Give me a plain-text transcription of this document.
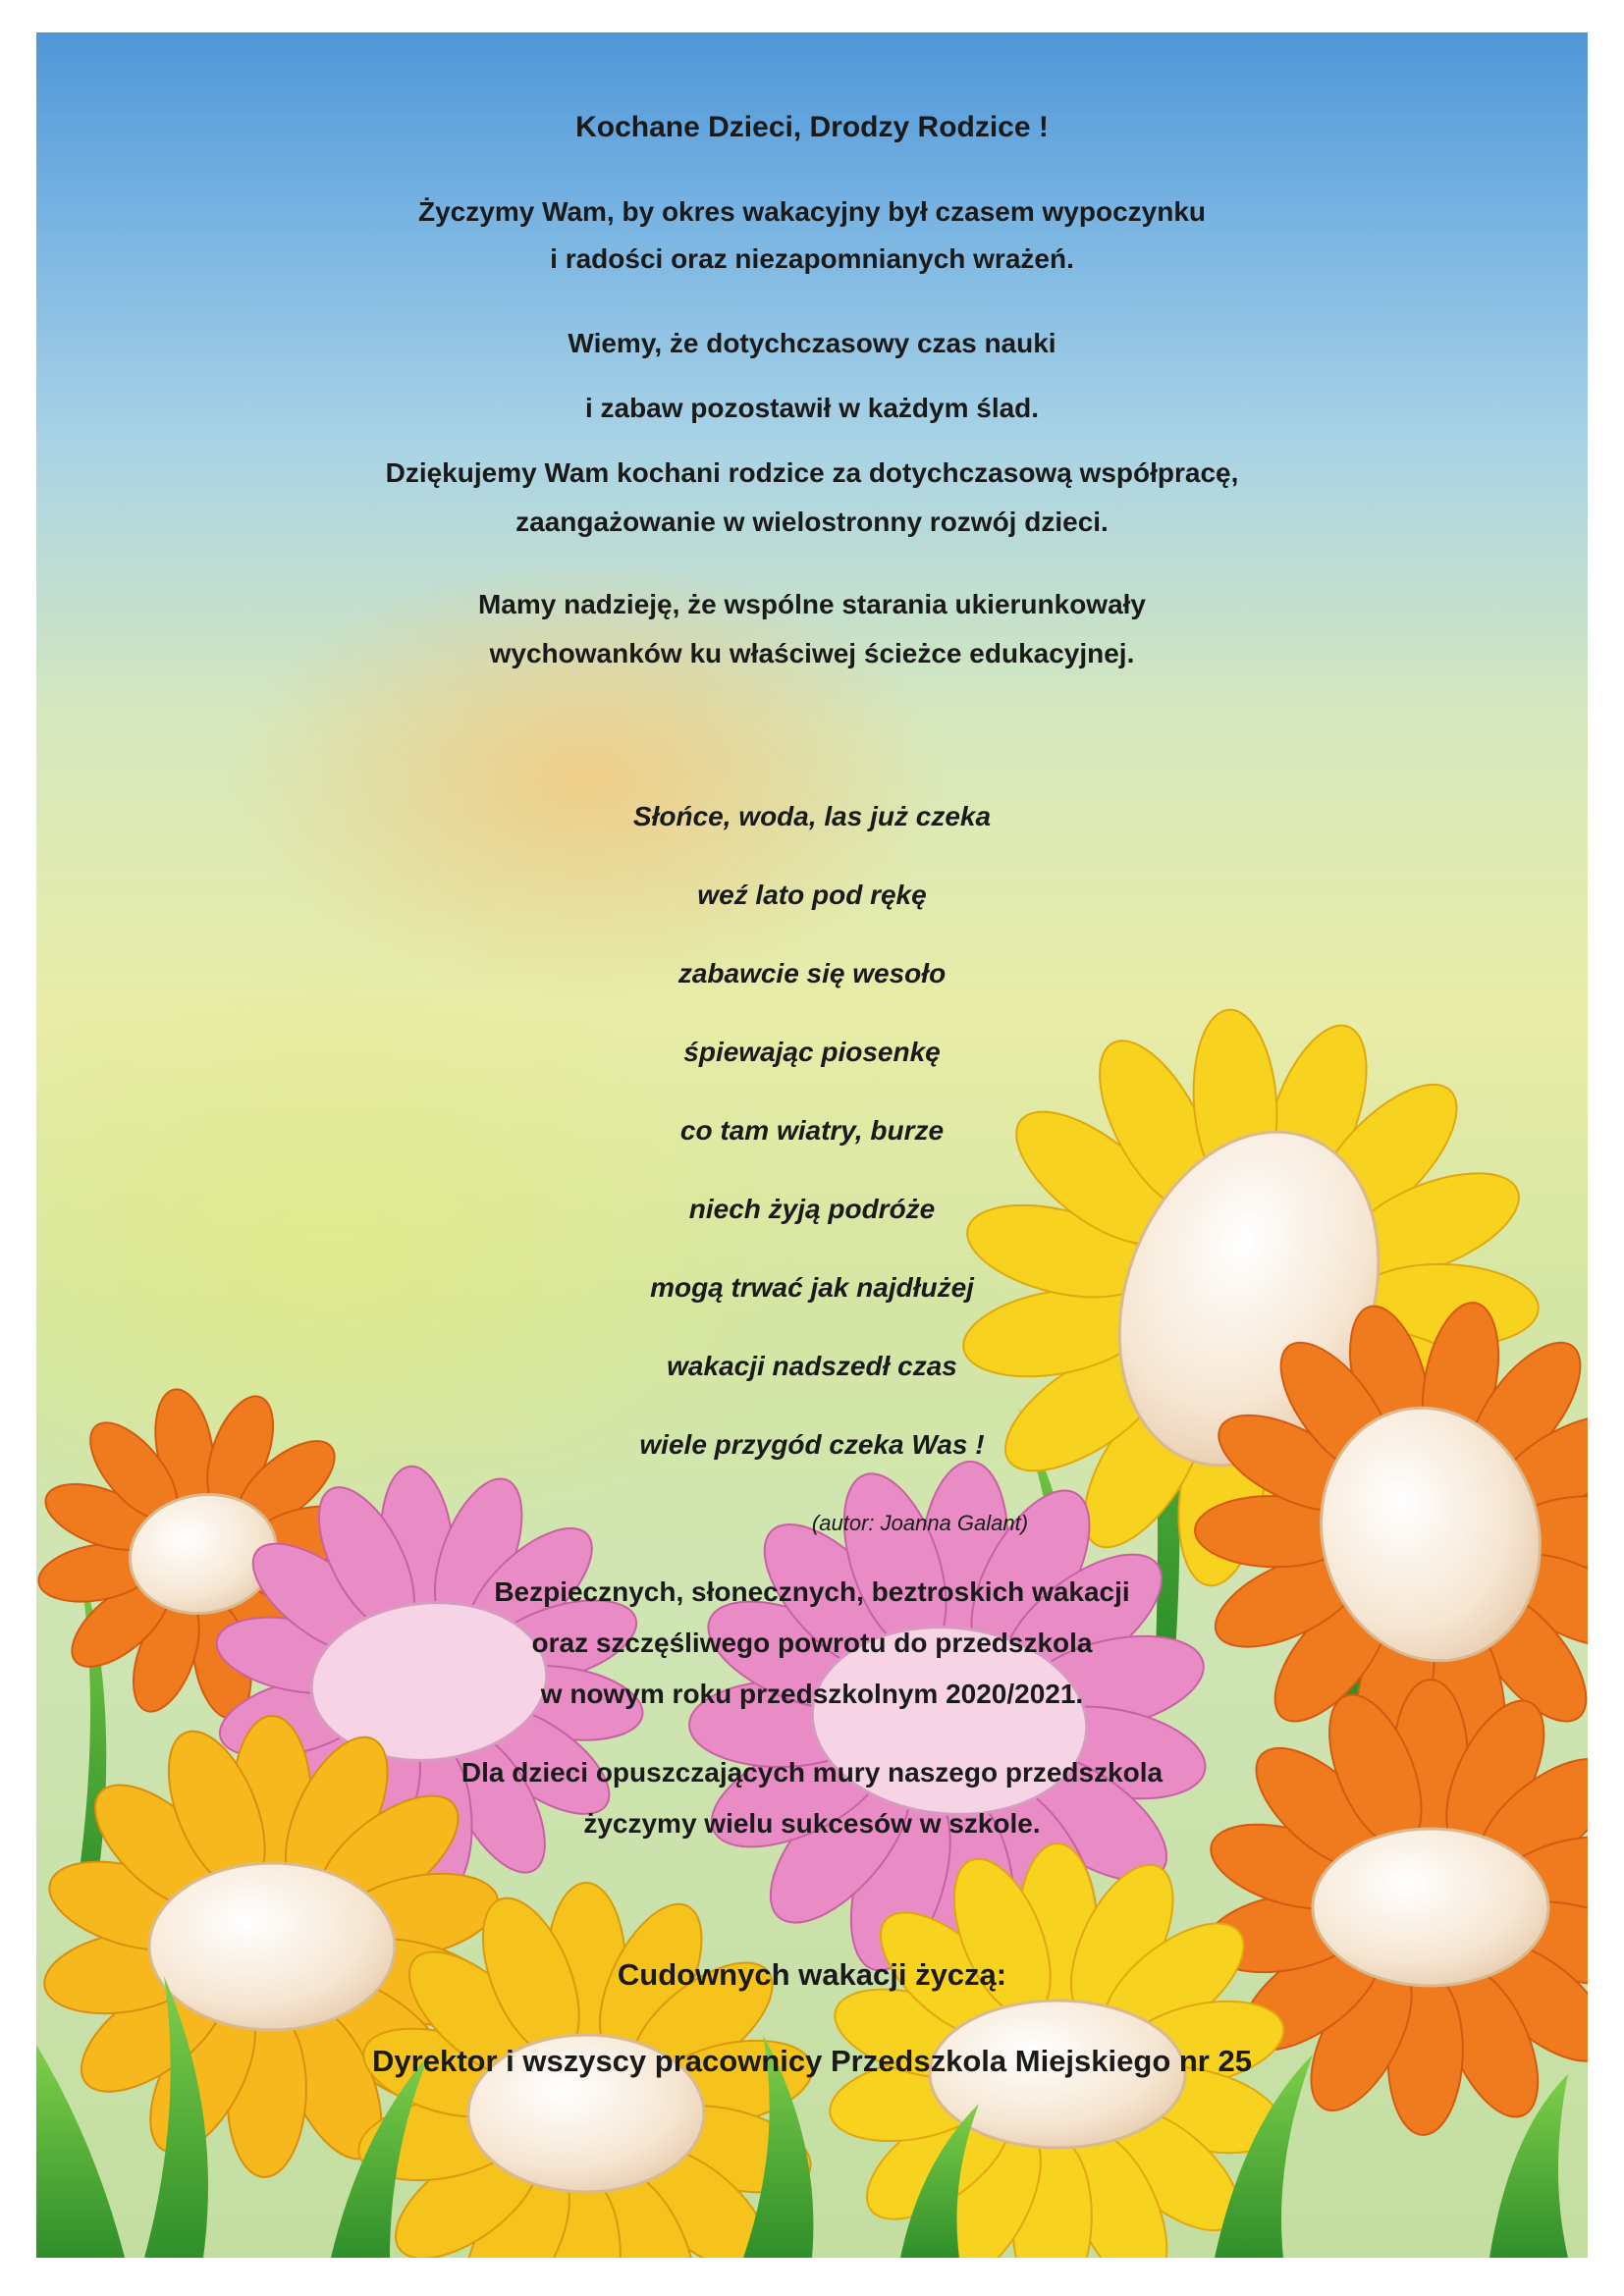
Kochane Dzieci, Drodzy Rodzice !
Życzymy Wam, by okres wakacyjny był czasem wypoczynku
i radości oraz niezapomnianych wrażeń.
Wiemy, że dotychczasowy czas nauki
i zabaw pozostawił w każdym ślad.
Dziękujemy Wam kochani rodzice za dotychczasową współpracę,
zaangażowanie w wielostronny rozwój dzieci.
Mamy nadzieję, że wspólne starania ukierunkowały
wychowanków ku właściwej ścieżce edukacyjnej.
Słońce, woda, las już czeka
weź lato pod rękę
zabawcie się wesoło
śpiewając piosenkę
co tam wiatry, burze
niech żyją podróże
mogą trwać jak najdłużej
wakacji nadszedł czas
wiele przygód czeka Was !
(autor: Joanna Galant)
Bezpiecznych, słonecznych, beztroskich wakacji
oraz szczęśliwego powrotu do przedszkola
w nowym roku przedszkolnym 2020/2021.
Dla dzieci opuszczających mury naszego przedszkola
życzymy wielu sukcesów w szkole.
Cudownych wakacji życzą:
Dyrektor i wszyscy pracownicy Przedszkola Miejskiego nr 25
